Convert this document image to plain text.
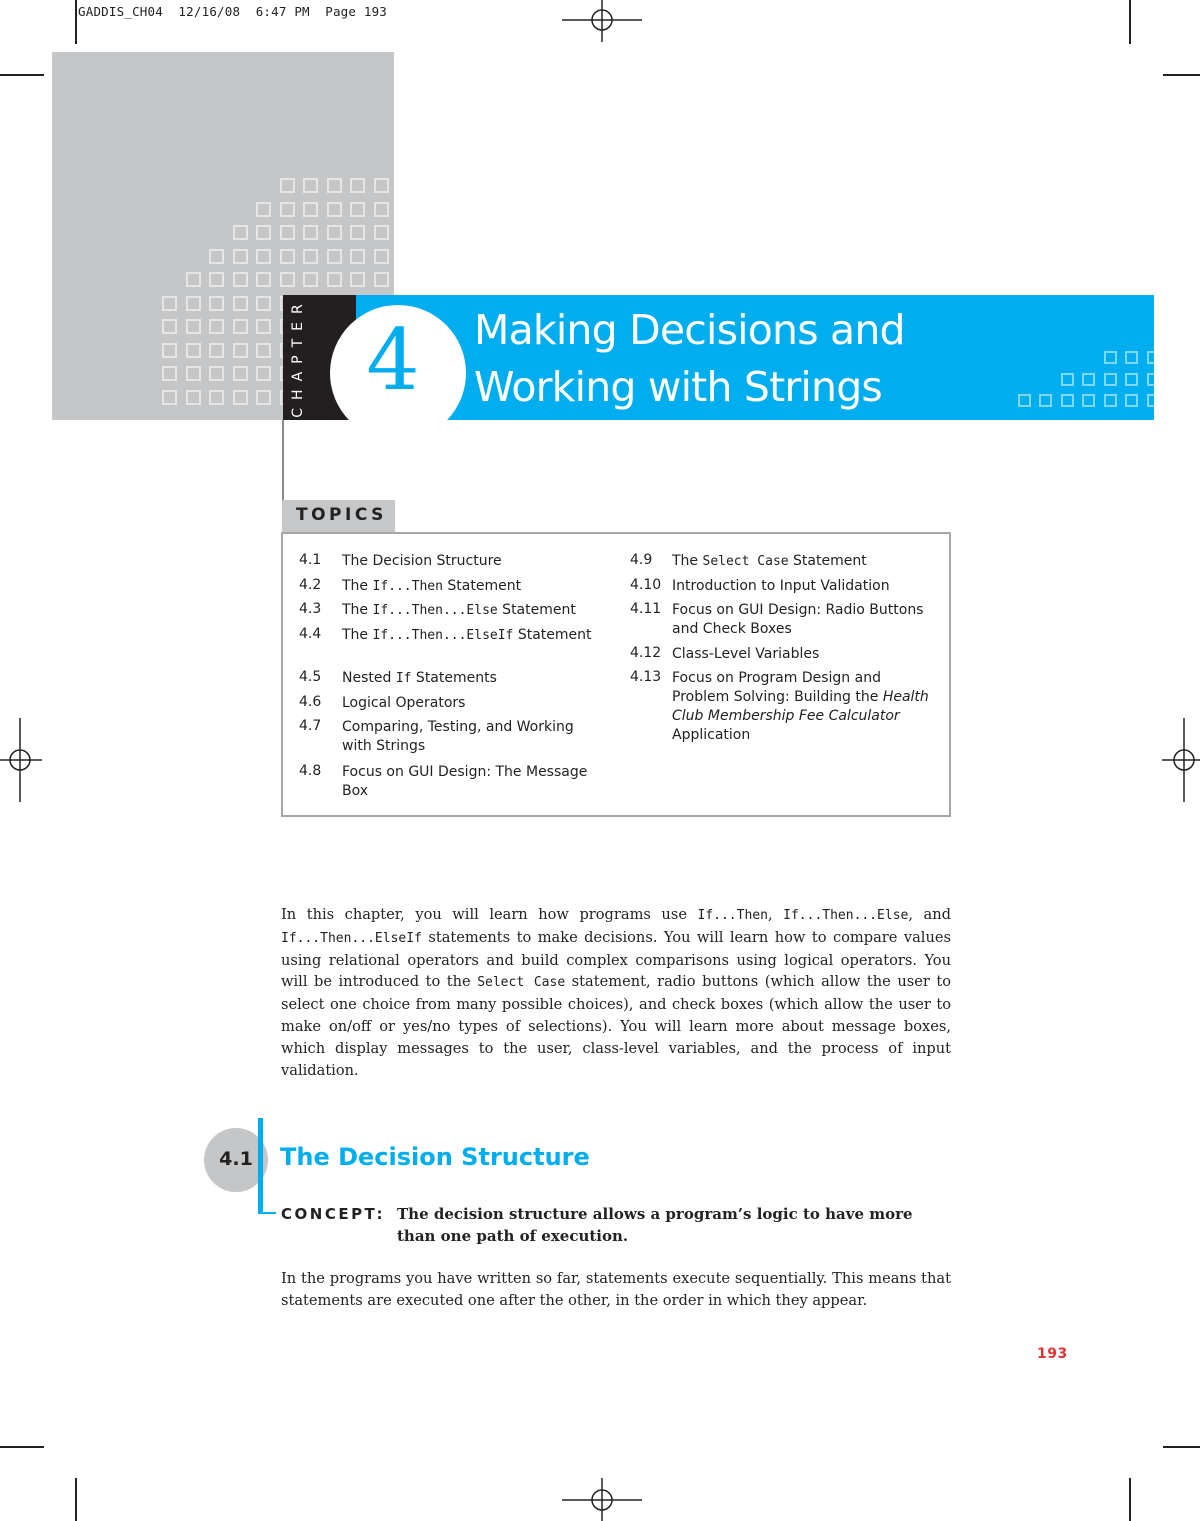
GADDIS_CH04  12/16/08  6:47 PM  Page 193
CHAPTER 4	Making Decisions and
Working with Strings
TOPICS
4.1 The Decision Structure
4.2 The If...Then Statement
4.3 The If...Then...Else Statement
4.4 The If...Then...ElseIf Statement
4.5 Nested If Statements
4.6 Logical Operators
4.7 Comparing, Testing, and Working with Strings
4.8 Focus on GUI Design: The Message Box
4.9 The Select Case Statement
4.10 Introduction to Input Validation
4.11 Focus on GUI Design: Radio Buttons and Check Boxes
4.12 Class-Level Variables
4.13 Focus on Program Design and Problem Solving: Building the Health Club Membership Fee Calculator Application
In this chapter, you will learn how programs use If...Then, If...Then...Else, and If...Then...ElseIf statements to make decisions. You will learn how to compare values using relational operators and build complex comparisons using logical operators. You will be introduced to the Select Case statement, radio buttons (which allow the user to select one choice from many possible choices), and check boxes (which allow the user to make on/off or yes/no types of selections). You will learn more about message boxes, which display messages to the user, class-level variables, and the process of input validation.
4.1	The Decision Structure
CONCEPT: The decision structure allows a program’s logic to have more than one path of execution.
In the programs you have written so far, statements execute sequentially. This means that statements are executed one after the other, in the order in which they appear.
193
